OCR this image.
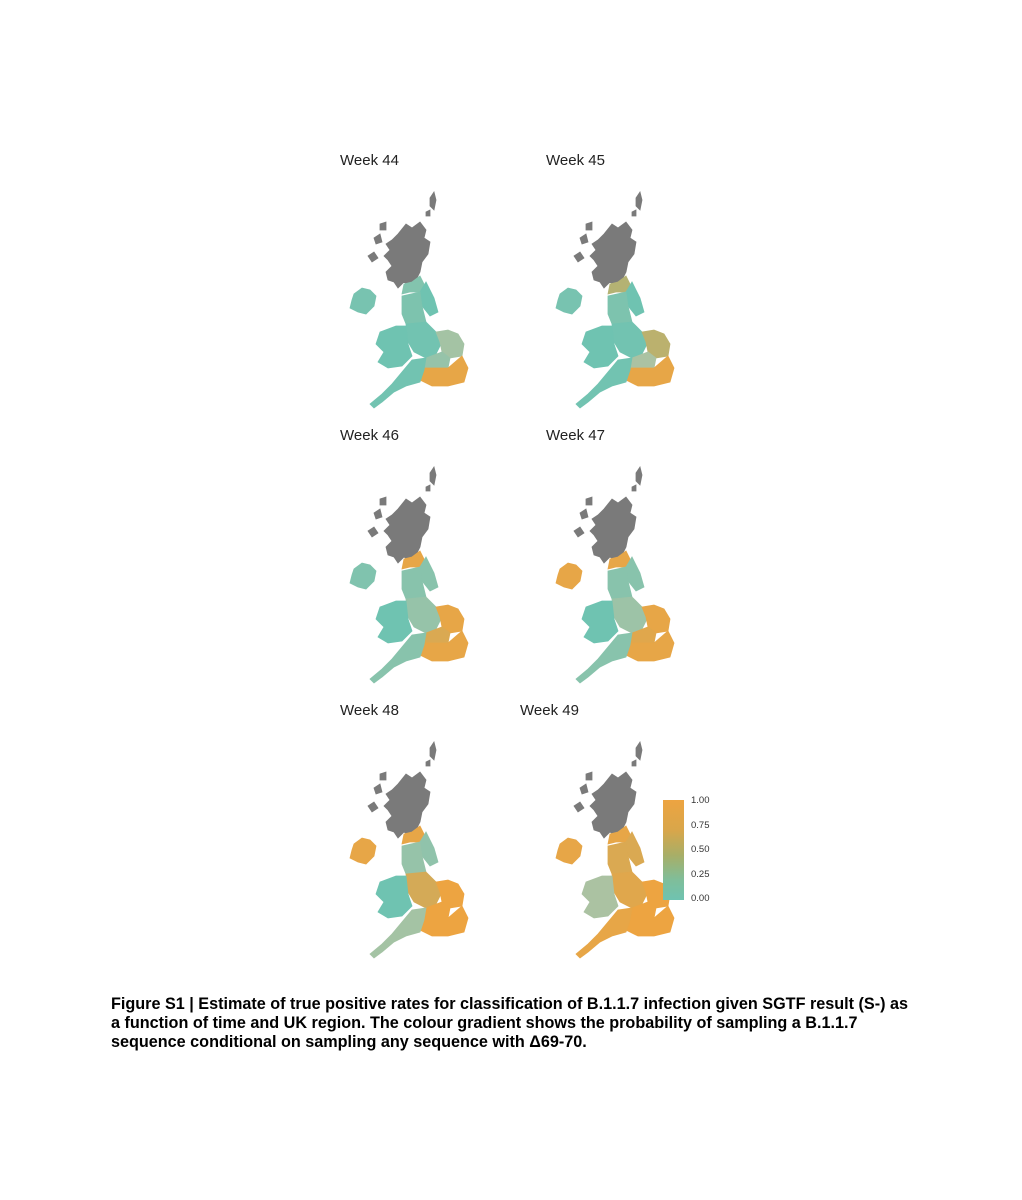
Week 44	Week 45
Week 46	Week 47
Week 48	Week 49
1.00
0.75
0.50
0.25
0.00

Figure S1 | Estimate of true positive rates for classification of B.1.1.7 infection given SGTF result (S-) as a function of time and UK region. The colour gradient shows the probability of sampling a B.1.1.7 sequence conditional on sampling any sequence with Δ69-70.
